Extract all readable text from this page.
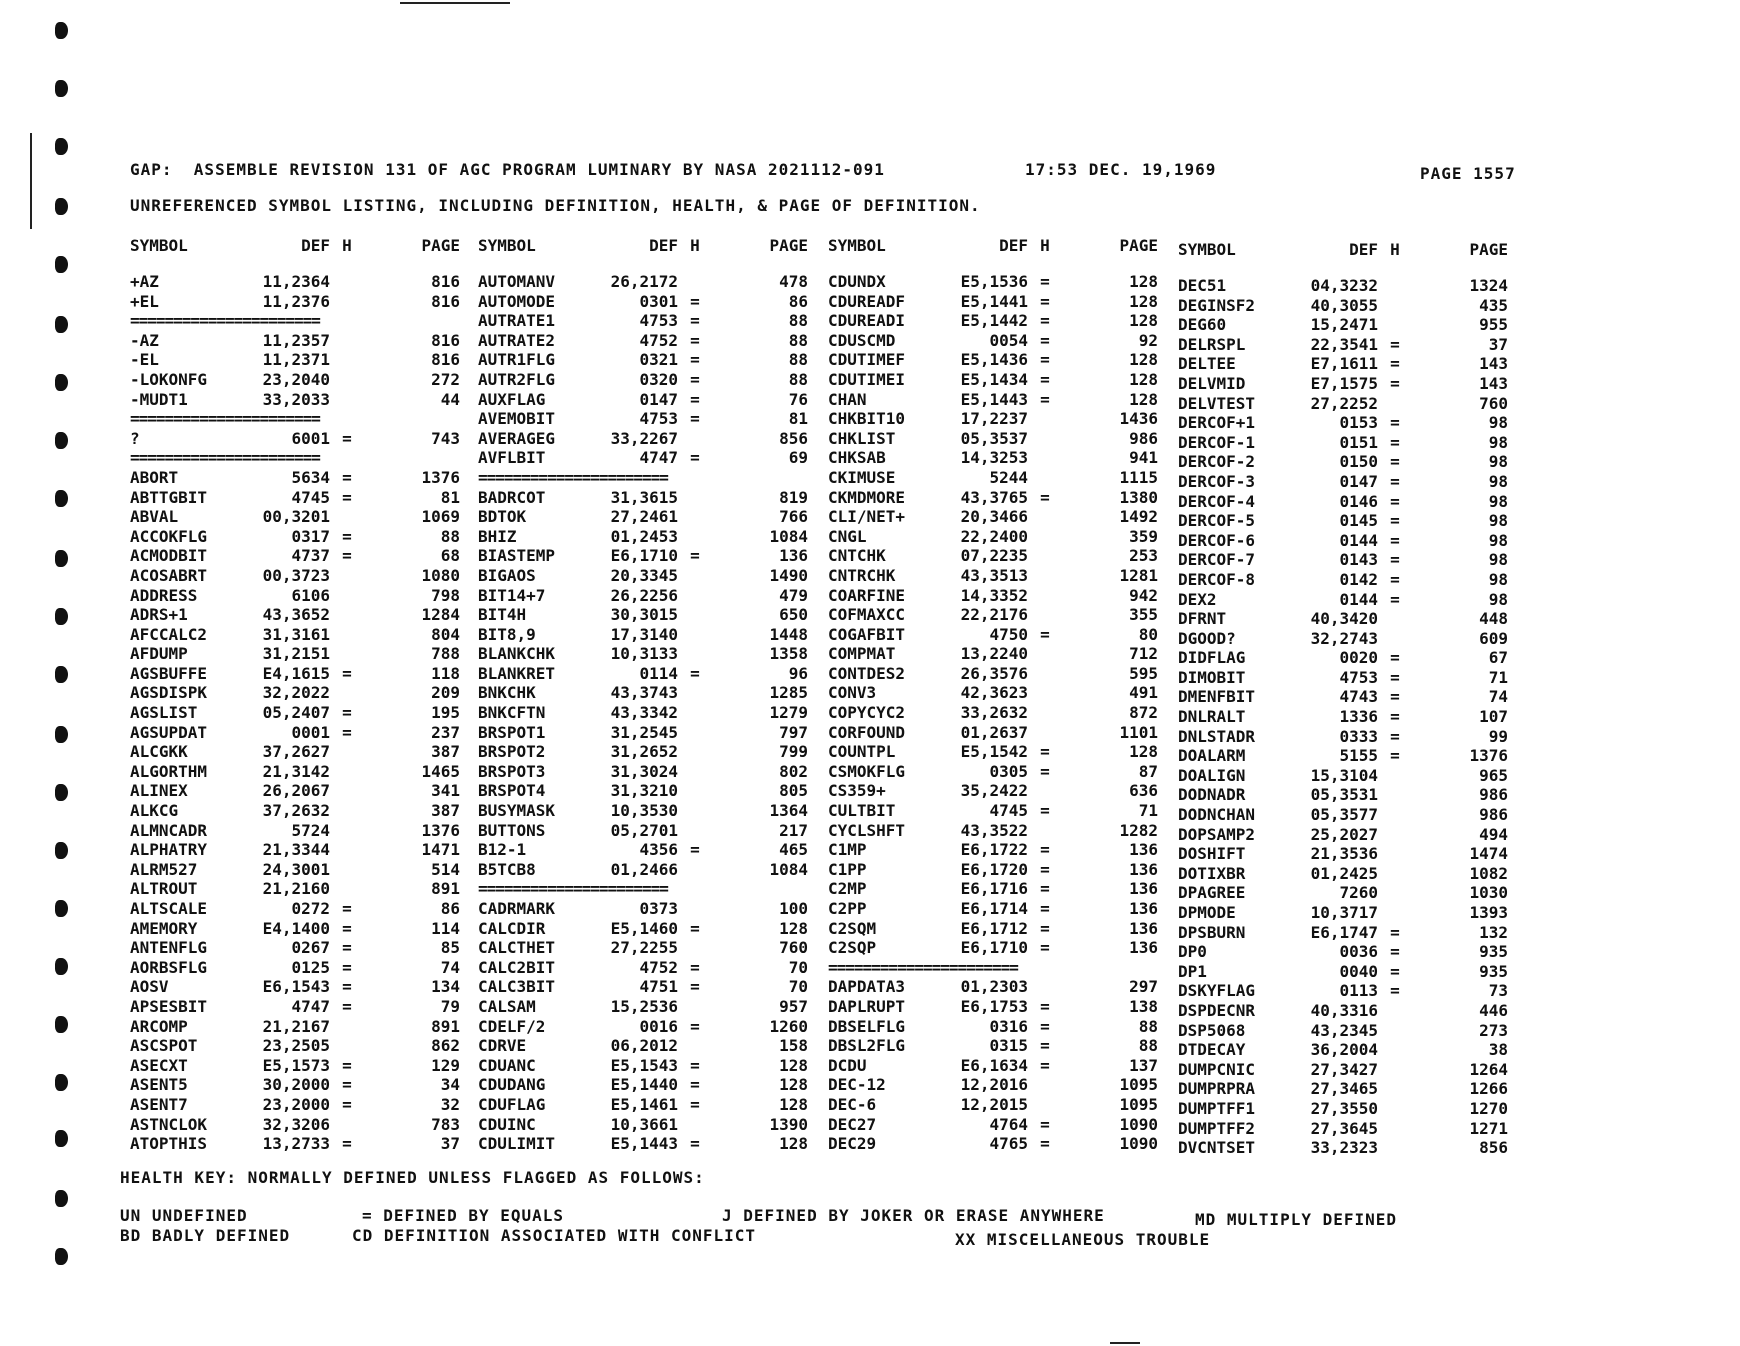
GAP:  ASSEMBLE REVISION 131 OF AGC PROGRAM LUMINARY BY NASA 2021112-091

	17:53 DEC. 19,1969

	PAGE 1557

UNREFERENCED SYMBOL LISTING, INCLUDING DEFINITION, HEALTH, & PAGE OF DEFINITION.
SYMBOL	DEF H	PAGE
+AZ	11,2364	816
+EL	11,2376	816
======================
-AZ	11,2357	816
-EL	11,2371	816
-LOKONFG	23,2040	272
-MUDT1	33,2033	44
======================
?	6001 =	743
======================
ABORT	5634 =	1376
ABTTGBIT	4745 =	81
ABVAL	00,3201	1069
ACCOKFLG	0317 =	88
ACMODBIT	4737 =	68
ACOSABRT	00,3723	1080
ADDRESS	6106	798
ADRS+1	43,3652	1284
AFCCALC2	31,3161	804
AFDUMP	31,2151	788
AGSBUFFE	E4,1615 =	118
AGSDISPK	32,2022	209
AGSLIST	05,2407 =	195
AGSUPDAT	0001 =	237
ALCGKK	37,2627	387
ALGORTHM	21,3142	1465
ALINEX	26,2067	341
ALKCG	37,2632	387
ALMNCADR	5724	1376
ALPHATRY	21,3344	1471
ALRM527	24,3001	514
ALTROUT	21,2160	891
ALTSCALE	0272 =	86
AMEMORY	E4,1400 =	114
ANTENFLG	0267 =	85
AORBSFLG	0125 =	74
AOSV	E6,1543 =	134
APSESBIT	4747 =	79
ARCOMP	21,2167	891
ASCSPOT	23,2505	862
ASECXT	E5,1573 =	129
ASENT5	30,2000 =	34
ASENT7	23,2000 =	32
ASTNCLOK	32,3206	783
ATOPTHIS	13,2733 =	37
SYMBOL	DEF H	PAGE
AUTOMANV	26,2172	478
AUTOMODE	0301 =	86
AUTRATE1	4753 =	88
AUTRATE2	4752 =	88
AUTR1FLG	0321 =	88
AUTR2FLG	0320 =	88
AUXFLAG	0147 =	76
AVEMOBIT	4753 =	81
AVERAGEG	33,2267	856
AVFLBIT	4747 =	69
======================
BADRCOT	31,3615	819
BDTOK	27,2461	766
BHIZ	01,2453	1084
BIASTEMP	E6,1710 =	136
BIGAOS	20,3345	1490
BIT14+7	26,2256	479
BIT4H	30,3015	650
BIT8,9	17,3140	1448
BLANKCHK	10,3133	1358
BLANKRET	0114 =	96
BNKCHK	43,3743	1285
BNKCFTN	43,3342	1279
BRSPOT1	31,2545	797
BRSPOT2	31,2652	799
BRSPOT3	31,3024	802
BRSPOT4	31,3210	805
BUSYMASK	10,3530	1364
BUTTONS	05,2701	217
B12-1	4356 =	465
B5TCB8	01,2466	1084
======================
CADRMARK	0373	100
CALCDIR	E5,1460 =	128
CALCTHET	27,2255	760
CALC2BIT	4752 =	70
CALC3BIT	4751 =	70
CALSAM	15,2536	957
CDELF/2	0016 =	1260
CDRVE	06,2012	158
CDUANC	E5,1543 =	128
CDUDANG	E5,1440 =	128
CDUFLAG	E5,1461 =	128
CDUINC	10,3661	1390
CDULIMIT	E5,1443 =	128
SYMBOL	DEF H	PAGE
CDUNDX	E5,1536 =	128
CDUREADF	E5,1441 =	128
CDUREADI	E5,1442 =	128
CDUSCMD	0054 =	92
CDUTIMEF	E5,1436 =	128
CDUTIMEI	E5,1434 =	128
CHAN	E5,1443 =	128
CHKBIT10	17,2237	1436
CHKLIST	05,3537	986
CHKSAB	14,3253	941
CKIMUSE	5244	1115
CKMDMORE	43,3765 =	1380
CLI/NET+	20,3466	1492
CNGL	22,2400	359
CNTCHK	07,2235	253
CNTRCHK	43,3513	1281
COARFINE	14,3352	942
COFMAXCC	22,2176	355
COGAFBIT	4750 =	80
COMPMAT	13,2240	712
CONTDES2	26,3576	595
CONV3	42,3623	491
COPYCYC2	33,2632	872
CORFOUND	01,2637	1101
COUNTPL	E5,1542 =	128
CSMOKFLG	0305 =	87
CS359+	35,2422	636
CULTBIT	4745 =	71
CYCLSHFT	43,3522	1282
C1MP	E6,1722 =	136
C1PP	E6,1720 =	136
C2MP	E6,1716 =	136
C2PP	E6,1714 =	136
C2SQM	E6,1712 =	136
C2SQP	E6,1710 =	136
======================
DAPDATA3	01,2303	297
DAPLRUPT	E6,1753 =	138
DBSELFLG	0316 =	88
DBSL2FLG	0315 =	88
DCDU	E6,1634 =	137
DEC-12	12,2016	1095
DEC-6	12,2015	1095
DEC27	4764 =	1090
DEC29	4765 =	1090
SYMBOL	DEF H	PAGE
DEC51	04,3232	1324
DEGINSF2	40,3055	435
DEG60	15,2471	955
DELRSPL	22,3541 =	37
DELTEE	E7,1611 =	143
DELVMID	E7,1575 =	143
DELVTEST	27,2252	760
DERCOF+1	0153 =	98
DERCOF-1	0151 =	98
DERCOF-2	0150 =	98
DERCOF-3	0147 =	98
DERCOF-4	0146 =	98
DERCOF-5	0145 =	98
DERCOF-6	0144 =	98
DERCOF-7	0143 =	98
DERCOF-8	0142 =	98
DEX2	0144 =	98
DFRNT	40,3420	448
DGOOD?	32,2743	609
DIDFLAG	0020 =	67
DIMOBIT	4753 =	71
DMENFBIT	4743 =	74
DNLRALT	1336 =	107
DNLSTADR	0333 =	99
DOALARM	5155 =	1376
DOALIGN	15,3104	965
DODNADR	05,3531	986
DODNCHAN	05,3577	986
DOPSAMP2	25,2027	494
DOSHIFT	21,3536	1474
DOTIXBR	01,2425	1082
DPAGREE	7260	1030
DPMODE	10,3717	1393
DPSBURN	E6,1747 =	132
DP0	0036 =	935
DP1	0040 =	935
DSKYFLAG	0113 =	73
DSPDECNR	40,3316	446
DSP5068	43,2345	273
DTDECAY	36,2004	38
DUMPCNIC	27,3427	1264
DUMPRPRA	27,3465	1266
DUMPTFF1	27,3550	1270
DUMPTFF2	27,3645	1271
DVCNTSET	33,2323	856
HEALTH KEY: NORMALLY DEFINED UNLESS FLAGGED AS FOLLOWS:
UN UNDEFINED	= DEFINED BY EQUALS	J DEFINED BY JOKER OR ERASE ANYWHERE	MD MULTIPLY DEFINED
BD BADLY DEFINED	CD DEFINITION ASSOCIATED WITH CONFLICT	XX MISCELLANEOUS TROUBLE
